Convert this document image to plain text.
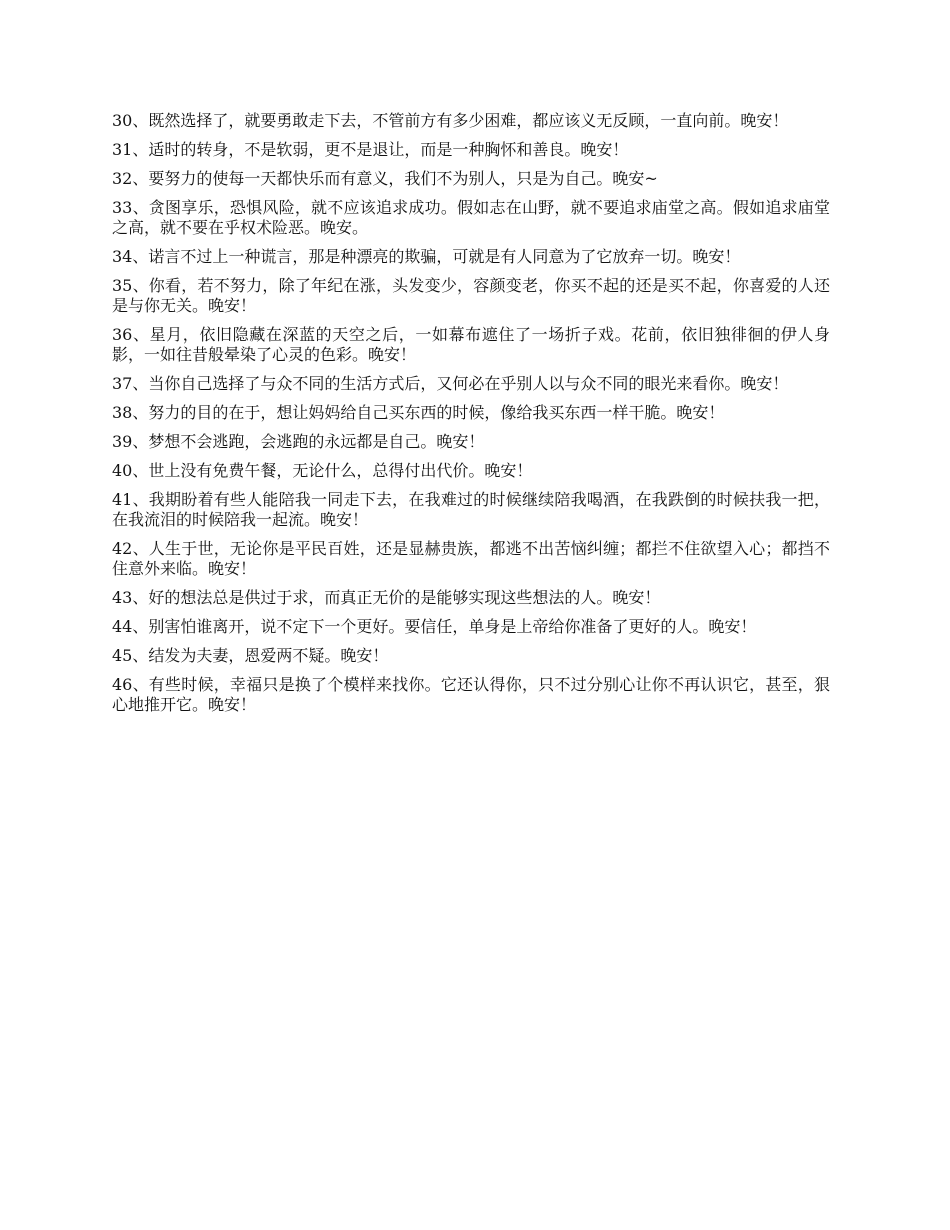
30、既然选择了，就要勇敢走下去，不管前方有多少困难，都应该义无反顾，一直向前。晚安！

31、适时的转身，不是软弱，更不是退让，而是一种胸怀和善良。晚安！

32、要努力的使每一天都快乐而有意义，我们不为别人，只是为自己。晚安~

33、贪图享乐，恐惧风险，就不应该追求成功。假如志在山野，就不要追求庙堂之高。假如追求庙堂之高，就不要在乎权术险恶。晚安。

34、诺言不过上一种谎言，那是种漂亮的欺骗，可就是有人同意为了它放弃一切。晚安！

35、你看，若不努力，除了年纪在涨，头发变少，容颜变老，你买不起的还是买不起，你喜爱的人还是与你无关。晚安！

36、星月，依旧隐藏在深蓝的天空之后，一如幕布遮住了一场折子戏。花前，依旧独徘徊的伊人身影，一如往昔般晕染了心灵的色彩。晚安！

37、当你自己选择了与众不同的生活方式后，又何必在乎别人以与众不同的眼光来看你。晚安！

38、努力的目的在于，想让妈妈给自己买东西的时候，像给我买东西一样干脆。晚安！

39、梦想不会逃跑，会逃跑的永远都是自己。晚安！

40、世上没有免费午餐，无论什么，总得付出代价。晚安！

41、我期盼着有些人能陪我一同走下去，在我难过的时候继续陪我喝酒，在我跌倒的时候扶我一把，在我流泪的时候陪我一起流。晚安！

42、人生于世，无论你是平民百姓，还是显赫贵族，都逃不出苦恼纠缠；都拦不住欲望入心；都挡不住意外来临。晚安！

43、好的想法总是供过于求，而真正无价的是能够实现这些想法的人。晚安！

44、别害怕谁离开，说不定下一个更好。要信任，单身是上帝给你准备了更好的人。晚安！

45、结发为夫妻，恩爱两不疑。晚安！

46、有些时候，幸福只是换了个模样来找你。它还认得你，只不过分别心让你不再认识它，甚至，狠心地推开它。晚安！
